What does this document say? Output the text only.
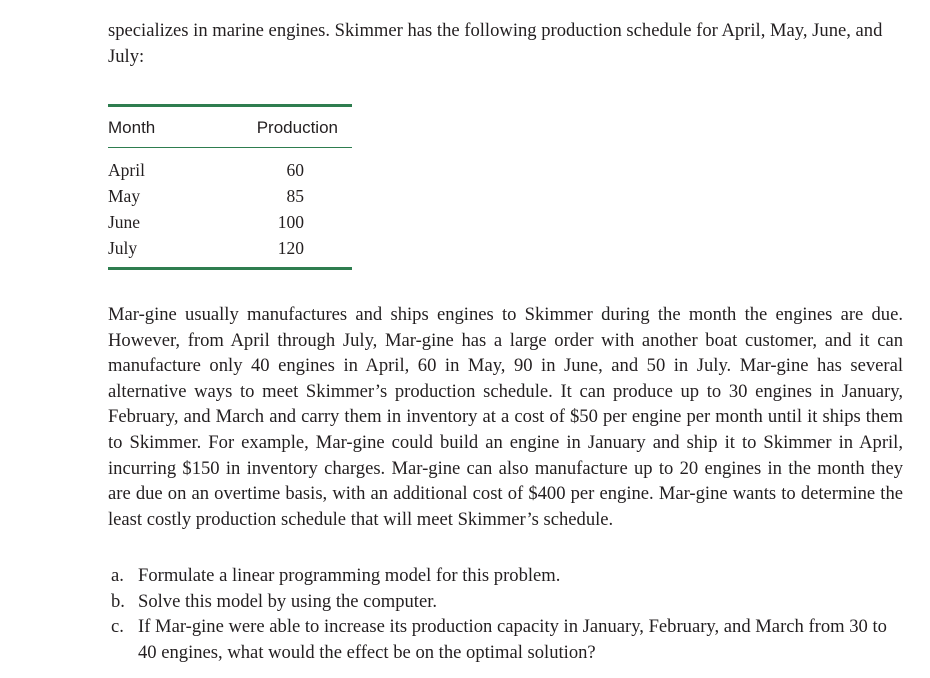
specializes in marine engines. Skimmer has the following production schedule for April, May, June, and July:

Month	Production
April	60
May	85
June	100
July	120

Mar-gine usually manufactures and ships engines to Skimmer during the month the engines are due. However, from April through July, Mar-gine has a large order with another boat customer, and it can manufacture only 40 engines in April, 60 in May, 90 in June, and 50 in July. Mar-gine has several alternative ways to meet Skimmer’s production schedule. It can produce up to 30 engines in January, February, and March and carry them in inventory at a cost of $50 per engine per month until it ships them to Skimmer. For example, Mar-gine could build an engine in January and ship it to Skimmer in April, incurring $150 in inventory charges. Mar-gine can also manufacture up to 20 engines in the month they are due on an overtime basis, with an additional cost of $400 per engine. Mar-gine wants to determine the least costly production schedule that will meet Skimmer’s schedule.

a. Formulate a linear programming model for this problem.
b. Solve this model by using the computer.
c. If Mar-gine were able to increase its production capacity in January, February, and March from 30 to 40 engines, what would the effect be on the optimal solution?
